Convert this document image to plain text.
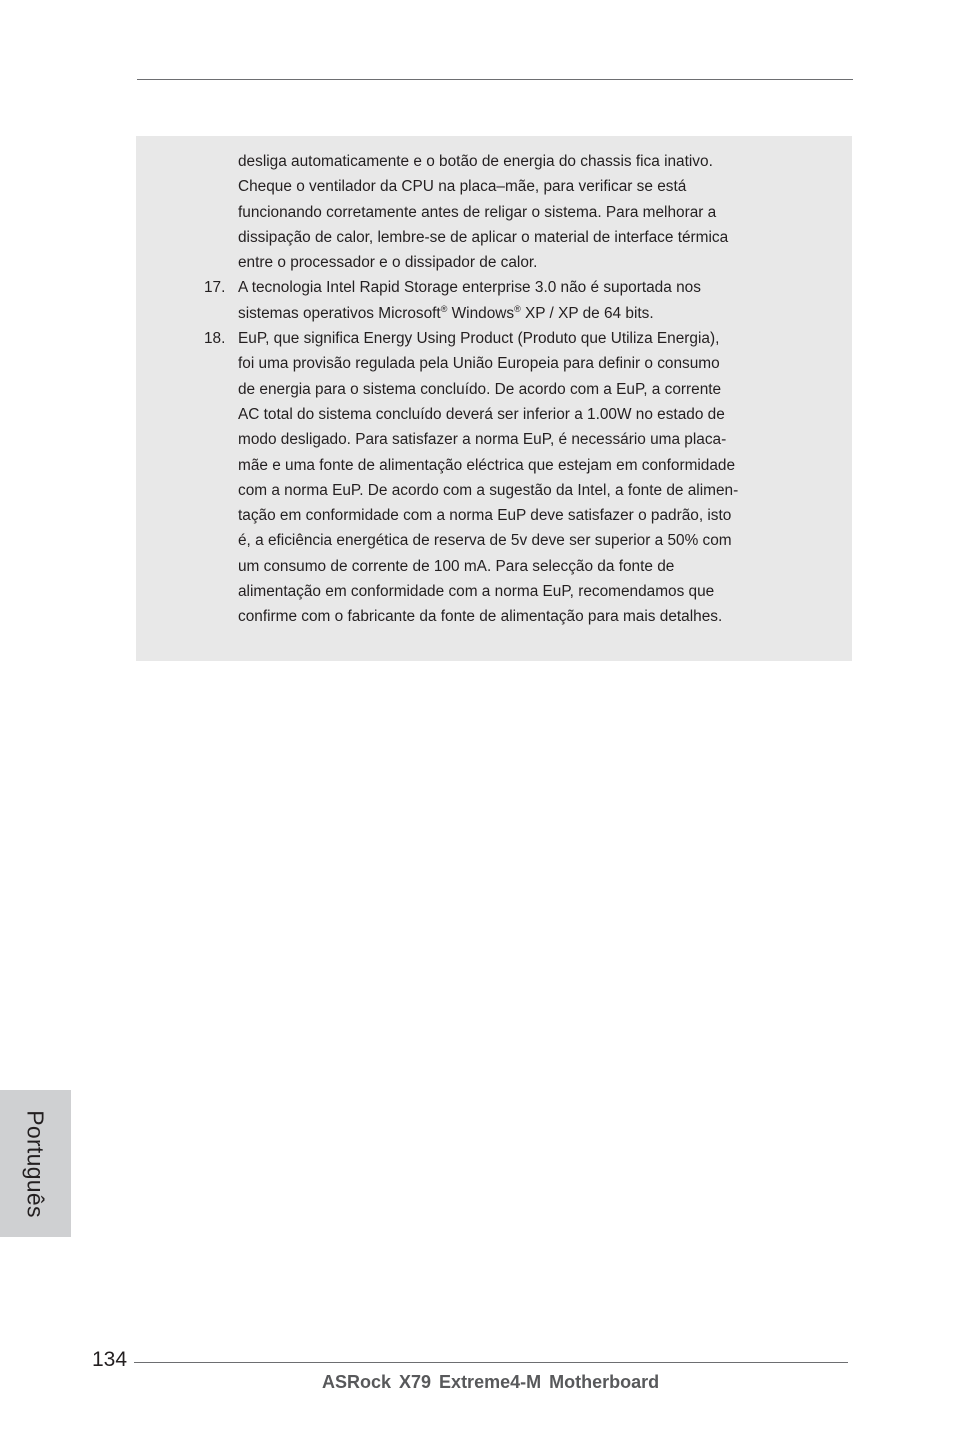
desliga automaticamente e o botão de energia do chassis fica inativo.
Cheque o ventilador da CPU na placa–mãe, para verificar se está
funcionando corretamente antes de religar o sistema. Para melhorar a
dissipação de calor, lembre-se de aplicar o material de interface térmica
entre o processador e o dissipador de calor.
17. A tecnologia Intel Rapid Storage enterprise 3.0 não é suportada nos
sistemas operativos Microsoft® Windows® XP / XP de 64 bits.
18. EuP, que significa Energy Using Product (Produto que Utiliza Energia),
foi uma provisão regulada pela União Europeia para definir o consumo
de energia para o sistema concluído. De acordo com a EuP, a corrente
AC total do sistema concluído deverá ser inferior a 1.00W no estado de
modo desligado. Para satisfazer a norma EuP, é necessário uma placa-
mãe e uma fonte de alimentação eléctrica que estejam em conformidade
com a norma EuP. De acordo com a sugestão da Intel, a fonte de alimen-
tação em conformidade com a norma EuP deve satisfazer o padrão, isto
é, a eficiência energética de reserva de 5v deve ser superior a 50% com
um consumo de corrente de 100 mA. Para selecção da fonte de
alimentação em conformidade com a norma EuP, recomendamos que
confirme com o fabricante da fonte de alimentação para mais detalhes.
Português
134
ASRock X79 Extreme4-M Motherboard
